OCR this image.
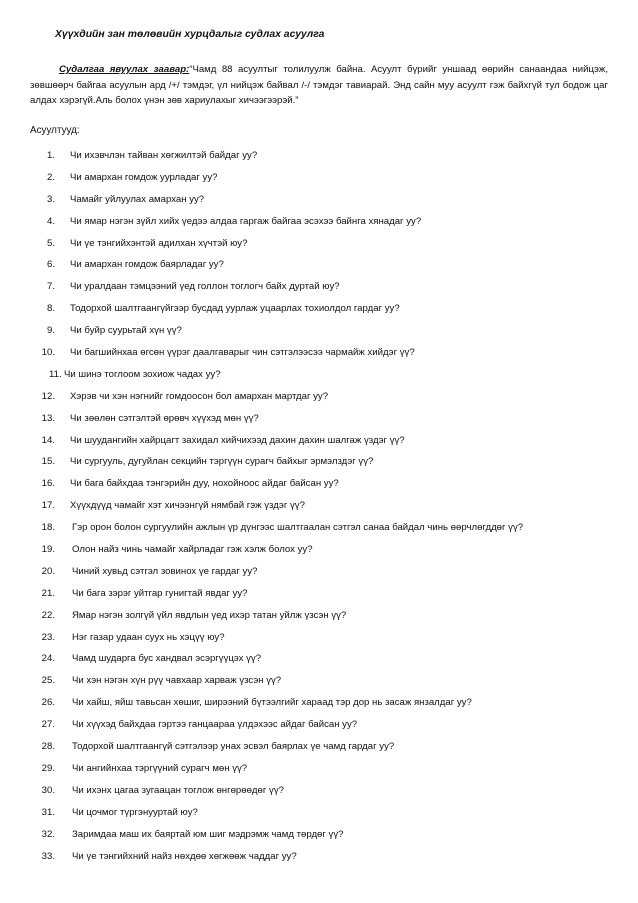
Хүүхдийн зан төлөвийн хурцдалыг судлах асуулга
Судалгаа явуулах заавар:“Чамд 88 асуултыг толилуулж байна. Асуулт бүрийг уншаад өөрийн санаандаа нийцэж, зөвшөөрч байгаа асуулын ард /+/ тэмдэг, үл нийцэж байвал /-/ тэмдэг тавиарай. Энд сайн муу асуулт гэж байхгүй тул бодож цаг алдах хэрэгүй.Аль болох үнэн зөв хариулахыг хичээгээрэй.”
Асуултууд:
1. Чи ихэвчлэн тайван хөгжилтэй байдаг уу?
2. Чи амархан гомдож уурладаг уу?
3. Чамайг уйлуулах амархан уу?
4. Чи ямар нэгэн зүйл хийх үедээ алдаа гаргаж байгаа эсэхээ байнга хянадаг уу?
5. Чи үе тэнгийхэнтэй адилхан хүчтэй юу?
6. Чи амархан гомдож баярладаг уу?
7. Чи уралдаан тэмцээний үед голлон тоглогч байх дуртай юу?
8. Тодорхой шалтгаангүйгээр бусдад уурлаж уцаарлах тохиолдол гардаг уу?
9. Чи буйр суурьтай хүн үү?
10. Чи багшийнхаа өгсөн үүрэг даалгаварыг чин сэтгэлээсээ чармайж хийдэг үү?
11. Чи шинэ тоглоом зохиож чадах уу?
12. Хэрэв чи хэн нэгнийг гомдоосон бол амархан мартдаг уу?
13. Чи зөөлөн сэтгэлтэй өрөвч хүүхэд мөн үү?
14. Чи шуудангийн хайрцагт захидал хийчихээд дахин дахин шалгаж үздэг үү?
15. Чи сургууль, дугуйлан секцийн тэргүүн сурагч байхыг эрмэлздэг үү?
16. Чи бага байхдаа тэнгэрийн дуу, нохойноос айдаг байсан уу?
17. Хүүхдүүд чамайг хэт хичээнгүй нямбай гэж үздэг үү?
18. Гэр орон болон сургуулийн ажлын үр дүнгээс шалтгаалан сэтгэл санаа байдал чинь өөрчлөгддөг үү?
19. Олон найз чинь чамайг хайрладаг гэж хэлж болох уу?
20. Чиний хувьд сэтгэл зовинох үе гардаг уу?
21. Чи бага зэрэг уйтгар гунигтай явдаг уу?
22. Ямар нэгэн золгүй үйл явдлын үед ихэр татан уйлж үзсэн үү?
23. Нэг газар удаан суух нь хэцүү юу?
24. Чамд шударга бус хандвал эсэргүүцэх үү?
25. Чи хэн нэгэн хүн рүү чавхаар харваж үзсэн үү?
26. Чи хайш, яйш тавьсан хөшиг, ширээний бүтээлгийг хараад тэр дор нь засаж янзалдаг уу?
27. Чи хүүхэд байхдаа гэртээ ганцаараа үлдэхээс айдаг байсан уу?
28. Тодорхой шалтгаангүй сэтгэлээр унах эсвэл баярлах үе чамд гардаг уу?
29. Чи ангийнхаа тэргүүний сурагч мөн үү?
30. Чи ихэнх цагаа зугаацан тоглож өнгөрөөдөг үү?
31. Чи цочмог түргэнууртай юу?
32. Заримдаа маш их баяртай юм шиг мэдрэмж чамд төрдөг үү?
33. Чи үе тэнгийхний найз нөхдөө хөгжөөж чаддаг уу?
